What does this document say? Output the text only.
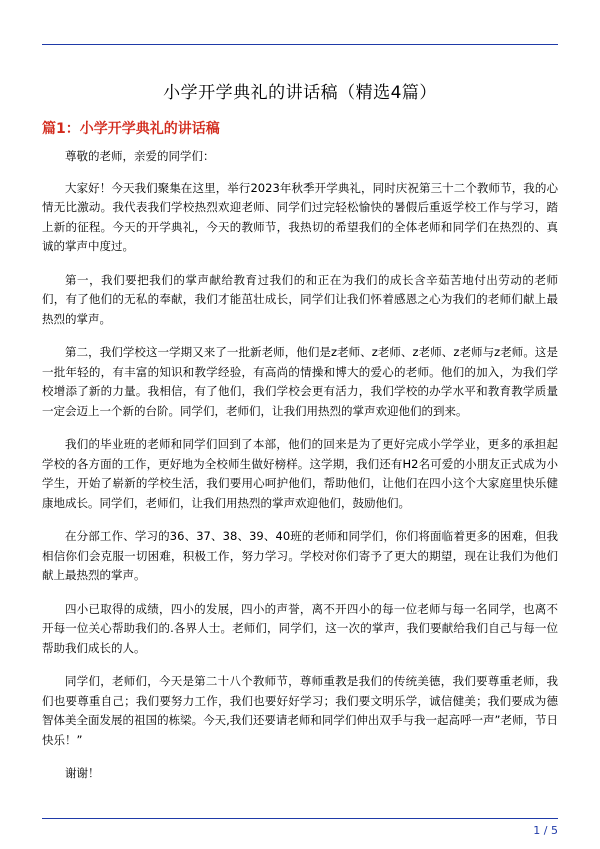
小学开学典礼的讲话稿（精选4篇）
篇1：小学开学典礼的讲话稿

尊敬的老师，亲爱的同学们：

大家好！今天我们聚集在这里，举行2023年秋季开学典礼，同时庆祝第三十二个教师节，我的心情无比激动。我代表我们学校热烈欢迎老师、同学们过完轻松愉快的暑假后重返学校工作与学习，踏上新的征程。今天的开学典礼，今天的教师节，我热切的希望我们的全体老师和同学们在热烈的、真诚的掌声中度过。

第一，我们要把我们的掌声献给教育过我们的和正在为我们的成长含辛茹苦地付出劳动的老师们，有了他们的无私的奉献，我们才能茁壮成长，同学们让我们怀着感恩之心为我们的老师们献上最热烈的掌声。

第二，我们学校这一学期又来了一批新老师，他们是z老师、z老师、z老师、z老师与z老师。这是一批年轻的，有丰富的知识和教学经验，有高尚的情操和博大的爱心的老师。他们的加入，为我们学校增添了新的力量。我相信，有了他们，我们学校会更有活力，我们学校的办学水平和教育教学质量一定会迈上一个新的台阶。同学们，老师们，让我们用热烈的掌声欢迎他们的到来。

我们的毕业班的老师和同学们回到了本部，他们的回来是为了更好完成小学学业，更多的承担起学校的各方面的工作，更好地为全校师生做好榜样。这学期，我们还有H2名可爱的小朋友正式成为小学生，开始了崭新的学校生活，我们要用心呵护他们，帮助他们，让他们在四小这个大家庭里快乐健康地成长。同学们，老师们，让我们用热烈的掌声欢迎他们，鼓励他们。

在分部工作、学习的36、37、38、39、40班的老师和同学们，你们将面临着更多的困难，但我相信你们会克服一切困难，积极工作，努力学习。学校对你们寄予了更大的期望，现在让我们为他们献上最热烈的掌声。

四小已取得的成绩，四小的发展，四小的声誉，离不开四小的每一位老师与每一名同学，也离不开每一位关心帮助我们的.各界人士。老师们，同学们，这一次的掌声，我们要献给我们自己与每一位帮助我们成长的人。

同学们，老师们，今天是第二十八个教师节，尊师重教是我们的传统美德，我们要尊重老师，我们也要尊重自己；我们要努力工作，我们也要好好学习；我们要文明乐学，诚信健美；我们要成为德智体美全面发展的祖国的栋梁。今天,我们还要请老师和同学们伸出双手与我一起高呼一声”老师，节日快乐！”

谢谢！

1 / 5
